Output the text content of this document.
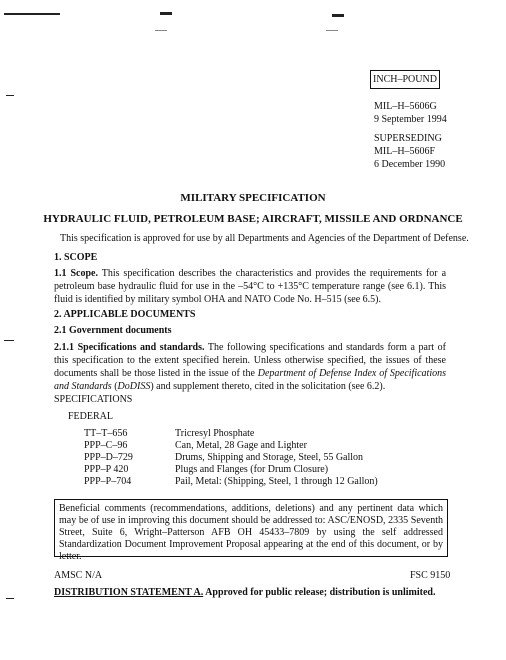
INCH–POUND
MIL–H–5606G
9 September 1994
SUPERSEDING
MIL–H–5606F
6 December 1990
MILITARY SPECIFICATION
HYDRAULIC FLUID, PETROLEUM BASE; AIRCRAFT, MISSILE AND ORDNANCE
This specification is approved for use by all Departments and Agencies of the Department of Defense.
1. SCOPE
1.1 Scope. This specification describes the characteristics and provides the requirements for a petroleum base hydraulic fluid for use in the –54°C to +135°C temperature range (see 6.1). This fluid is identified by military symbol OHA and NATO Code No. H–515 (see 6.5).
2. APPLICABLE DOCUMENTS
2.1 Government documents
2.1.1 Specifications and standards. The following specifications and standards form a part of this specification to the extent specified herein. Unless otherwise specified, the issues of these documents shall be those listed in the issue of the Department of Defense Index of Specifications and Standards (DoDISS) and supplement thereto, cited in the solicitation (see 6.2).
SPECIFICATIONS
FEDERAL
TT–T–656	Tricresyl Phosphate
PPP–C–96	Can, Metal, 28 Gage and Lighter
PPP–D–729	Drums, Shipping and Storage, Steel, 55 Gallon
PPP–P 420	Plugs and Flanges (for Drum Closure)
PPP–P–704	Pail, Metal: (Shipping, Steel, 1 through 12 Gallon)
Beneficial comments (recommendations, additions, deletions) and any pertinent data which may be of use in improving this document should be addressed to: ASC/ENOSD, 2335 Seventh Street, Suite 6, Wright–Patterson AFB OH 45433–7809 by using the self addressed Standardization Document Improvement Proposal appearing at the end of this document, or by letter.
AMSC N/A	FSC 9150
DISTRIBUTION STATEMENT A. Approved for public release; distribution is unlimited.
